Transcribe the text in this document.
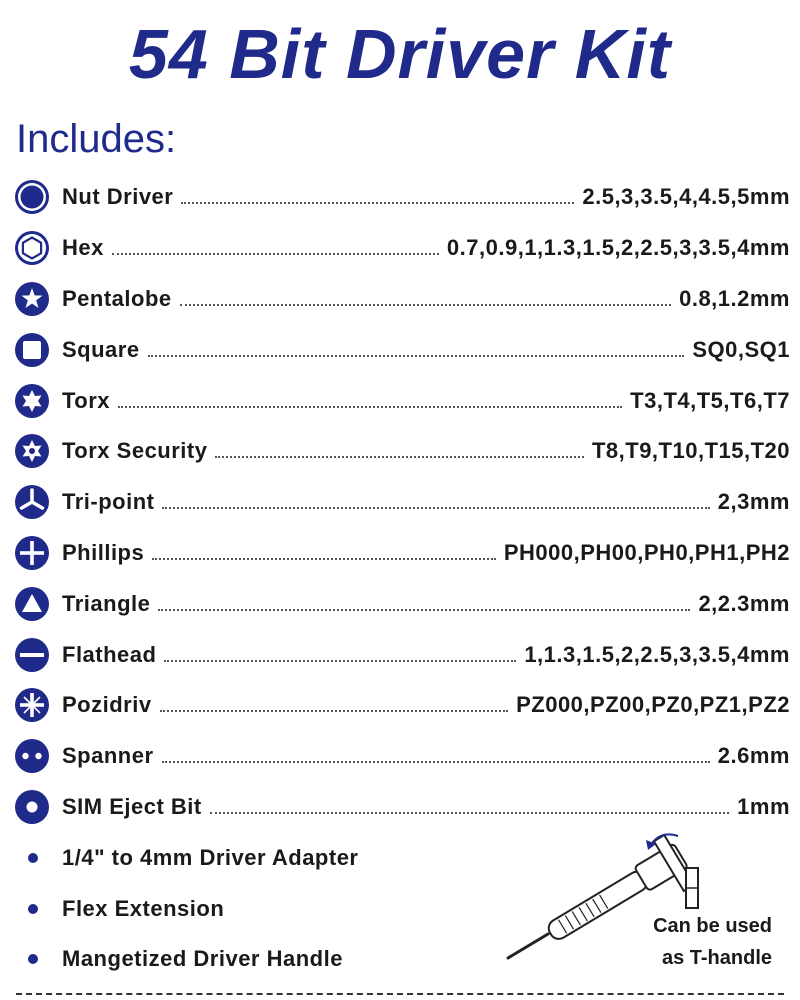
54 Bit Driver Kit
Includes:
Nut Driver	2.5,3,3.5,4,4.5,5mm
Hex	0.7,0.9,1,1.3,1.5,2,2.5,3,3.5,4mm
Pentalobe	0.8,1.2mm
Square	SQ0,SQ1
Torx	T3,T4,T5,T6,T7
Torx Security	T8,T9,T10,T15,T20
Tri-point	2,3mm
Phillips	PH000,PH00,PH0,PH1,PH2
Triangle	2,2.3mm
Flathead	1,1.3,1.5,2,2.5,3,3.5,4mm
Pozidriv	PZ000,PZ00,PZ0,PZ1,PZ2
Spanner	2.6mm
SIM Eject Bit	1mm
1/4" to 4mm Driver Adapter
Flex Extension
Mangetized Driver Handle
Can be used
as T-handle
